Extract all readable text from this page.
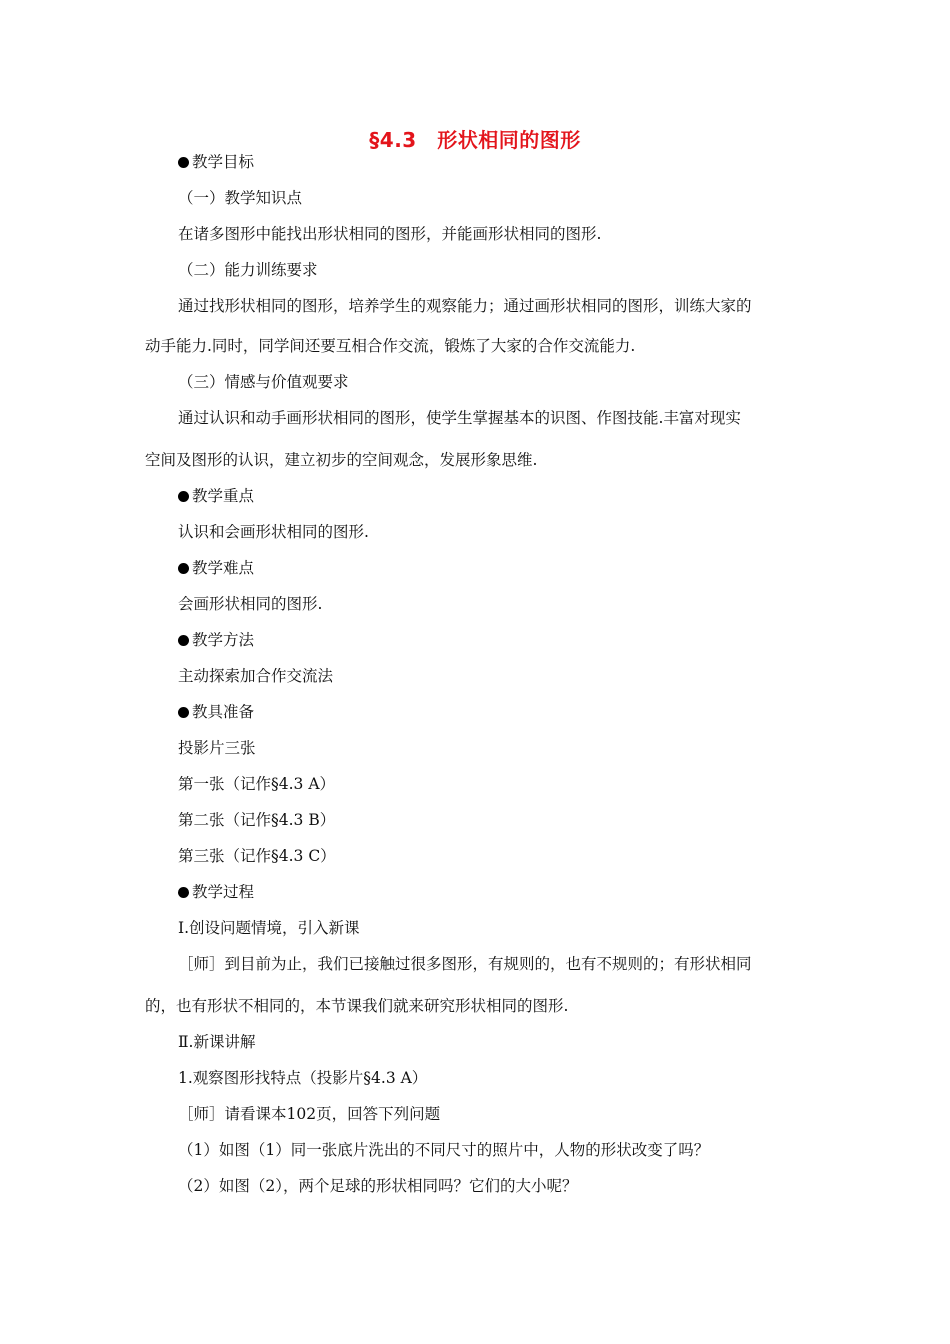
§4.3　形状相同的图形
教学目标
（一）教学知识点
在诸多图形中能找出形状相同的图形，并能画形状相同的图形.
（二）能力训练要求
通过找形状相同的图形，培养学生的观察能力；通过画形状相同的图形，训练大家的
动手能力.同时，同学间还要互相合作交流，锻炼了大家的合作交流能力.
（三）情感与价值观要求
通过认识和动手画形状相同的图形，使学生掌握基本的识图、作图技能.丰富对现实
空间及图形的认识，建立初步的空间观念，发展形象思维.
教学重点
认识和会画形状相同的图形.
教学难点
会画形状相同的图形.
教学方法
主动探索加合作交流法
教具准备
投影片三张
第一张（记作§4.3 A）
第二张（记作§4.3 B）
第三张（记作§4.3 C）
教学过程
Ⅰ.创设问题情境，引入新课
［师］到目前为止，我们已接触过很多图形，有规则的，也有不规则的；有形状相同
的，也有形状不相同的，本节课我们就来研究形状相同的图形.
Ⅱ.新课讲解
1.观察图形找特点（投影片§4.3 A）
［师］请看课本102页，回答下列问题
（1）如图（1）同一张底片洗出的不同尺寸的照片中，人物的形状改变了吗？
（2）如图（2），两个足球的形状相同吗？它们的大小呢？
